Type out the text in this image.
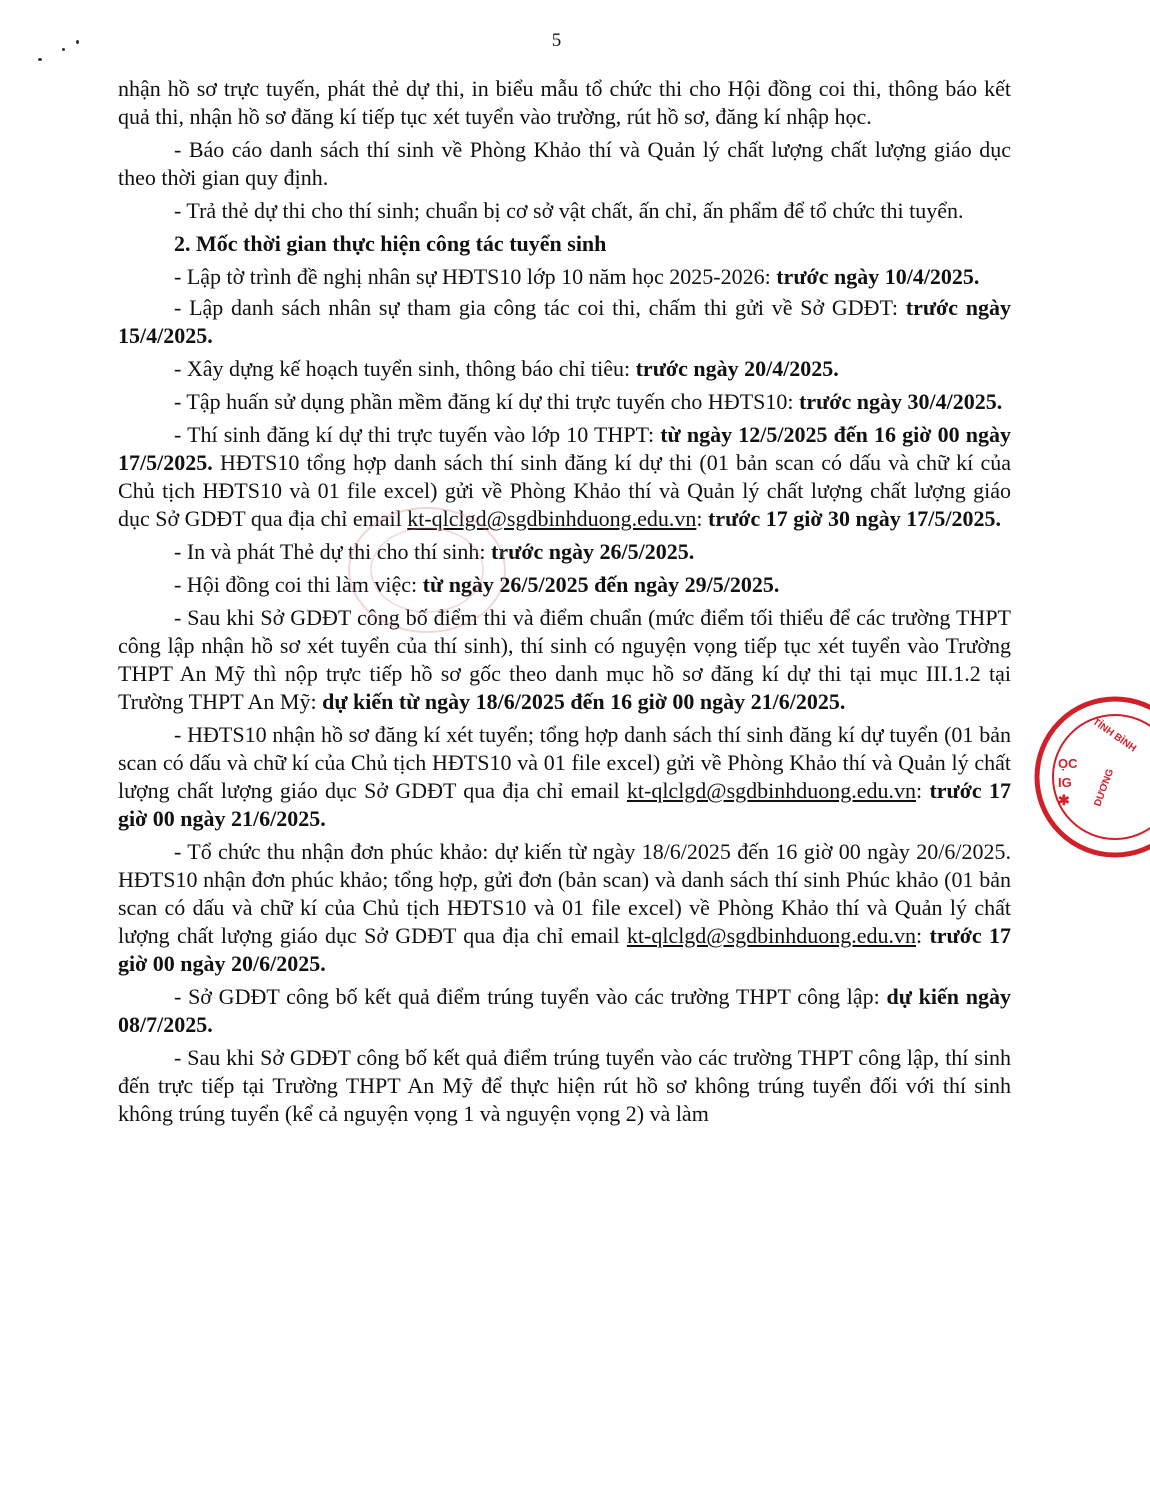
5

nhận hồ sơ trực tuyến, phát thẻ dự thi, in biểu mẫu tổ chức thi cho Hội đồng coi thi, thông báo kết quả thi, nhận hồ sơ đăng kí tiếp tục xét tuyển vào trường, rút hồ sơ, đăng kí nhập học.

- Báo cáo danh sách thí sinh về Phòng Khảo thí và Quản lý chất lượng chất lượng giáo dục theo thời gian quy định.

- Trả thẻ dự thi cho thí sinh; chuẩn bị cơ sở vật chất, ấn chỉ, ấn phẩm để tổ chức thi tuyển.

2. Mốc thời gian thực hiện công tác tuyển sinh

- Lập tờ trình đề nghị nhân sự HĐTS10 lớp 10 năm học 2025-2026: trước ngày 10/4/2025.

- Lập danh sách nhân sự tham gia công tác coi thi, chấm thi gửi về Sở GDĐT: trước ngày 15/4/2025.

- Xây dựng kế hoạch tuyển sinh, thông báo chỉ tiêu: trước ngày 20/4/2025.

- Tập huấn sử dụng phần mềm đăng kí dự thi trực tuyến cho HĐTS10: trước ngày 30/4/2025.

- Thí sinh đăng kí dự thi trực tuyến vào lớp 10 THPT: từ ngày 12/5/2025 đến 16 giờ 00 ngày 17/5/2025. HĐTS10 tổng hợp danh sách thí sinh đăng kí dự thi (01 bản scan có dấu và chữ kí của Chủ tịch HĐTS10 và 01 file excel) gửi về Phòng Khảo thí và Quản lý chất lượng chất lượng giáo dục Sở GDĐT qua địa chỉ email kt-qlclgd@sgdbinhduong.edu.vn: trước 17 giờ 30 ngày 17/5/2025.

- In và phát Thẻ dự thi cho thí sinh: trước ngày 26/5/2025.

- Hội đồng coi thi làm việc: từ ngày 26/5/2025 đến ngày 29/5/2025.

- Sau khi Sở GDĐT công bố điểm thi và điểm chuẩn (mức điểm tối thiểu để các trường THPT công lập nhận hồ sơ xét tuyển của thí sinh), thí sinh có nguyện vọng tiếp tục xét tuyển vào Trường THPT An Mỹ thì nộp trực tiếp hồ sơ gốc theo danh mục hồ sơ đăng kí dự thi tại mục III.1.2 tại Trường THPT An Mỹ: dự kiến từ ngày 18/6/2025 đến 16 giờ 00 ngày 21/6/2025.

- HĐTS10 nhận hồ sơ đăng kí xét tuyển; tổng hợp danh sách thí sinh đăng kí dự tuyển (01 bản scan có dấu và chữ kí của Chủ tịch HĐTS10 và 01 file excel) gửi về Phòng Khảo thí và Quản lý chất lượng chất lượng giáo dục Sở GDĐT qua địa chỉ email kt-qlclgd@sgdbinhduong.edu.vn: trước 17 giờ 00 ngày 21/6/2025.

- Tổ chức thu nhận đơn phúc khảo: dự kiến từ ngày 18/6/2025 đến 16 giờ 00 ngày 20/6/2025. HĐTS10 nhận đơn phúc khảo; tổng hợp, gửi đơn (bản scan) và danh sách thí sinh Phúc khảo (01 bản scan có dấu và chữ kí của Chủ tịch HĐTS10 và 01 file excel) về Phòng Khảo thí và Quản lý chất lượng chất lượng giáo dục Sở GDĐT qua địa chỉ email kt-qlclgd@sgdbinhduong.edu.vn: trước 17 giờ 00 ngày 20/6/2025.

- Sở GDĐT công bố kết quả điểm trúng tuyển vào các trường THPT công lập: dự kiến ngày 08/7/2025.

- Sau khi Sở GDĐT công bố kết quả điểm trúng tuyển vào các trường THPT công lập, thí sinh đến trực tiếp tại Trường THPT An Mỹ để thực hiện rút hồ sơ không trúng tuyển đối với thí sinh không trúng tuyển (kể cả nguyện vọng 1 và nguyện vọng 2) và làm

ỌC
IG
✱
TỈNH BÌNH
DƯƠNG
